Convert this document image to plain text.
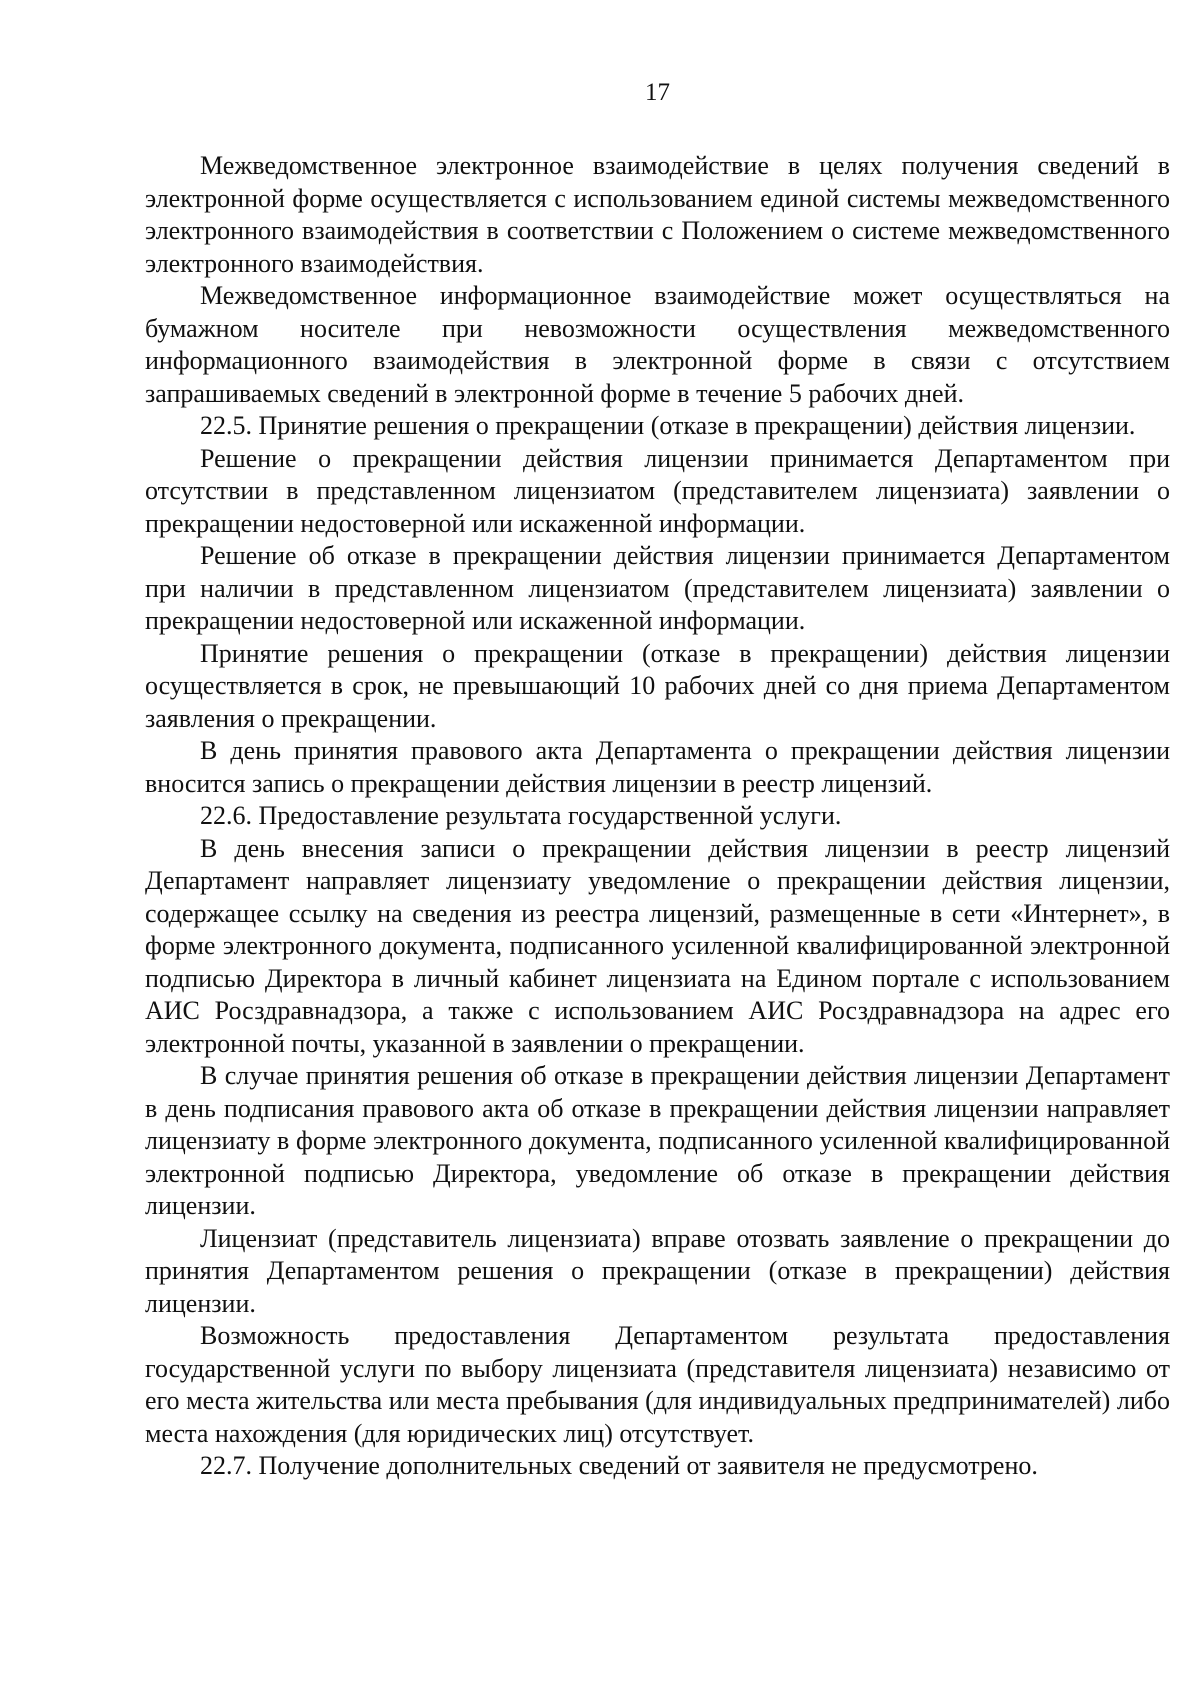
17

Межведомственное электронное взаимодействие в целях получения сведений в электронной форме осуществляется с использованием единой системы межведомственного электронного взаимодействия в соответствии с Положением о системе межведомственного электронного взаимодействия.

Межведомственное информационное взаимодействие может осуществляться на бумажном носителе при невозможности осуществления межведомственного информационного взаимодействия в электронной форме в связи с отсутствием запрашиваемых сведений в электронной форме в течение 5 рабочих дней.

22.5. Принятие решения о прекращении (отказе в прекращении) действия лицензии.

Решение о прекращении действия лицензии принимается Департаментом при отсутствии в представленном лицензиатом (представителем лицензиата) заявлении о прекращении недостоверной или искаженной информации.

Решение об отказе в прекращении действия лицензии принимается Департаментом при наличии в представленном лицензиатом (представителем лицензиата) заявлении о прекращении недостоверной или искаженной информации.

Принятие решения о прекращении (отказе в прекращении) действия лицензии осуществляется в срок, не превышающий 10 рабочих дней со дня приема Департаментом заявления о прекращении.

В день принятия правового акта Департамента о прекращении действия лицензии вносится запись о прекращении действия лицензии в реестр лицензий.

22.6. Предоставление результата государственной услуги.

В день внесения записи о прекращении действия лицензии в реестр лицензий Департамент направляет лицензиату уведомление о прекращении действия лицензии, содержащее ссылку на сведения из реестра лицензий, размещенные в сети «Интернет», в форме электронного документа, подписанного усиленной квалифицированной электронной подписью Директора в личный кабинет лицензиата на Едином портале с использованием АИС Росздравнадзора, а также с использованием АИС Росздравнадзора на адрес его электронной почты, указанной в заявлении о прекращении.

В случае принятия решения об отказе в прекращении действия лицензии Департамент в день подписания правового акта об отказе в прекращении действия лицензии направляет лицензиату в форме электронного документа, подписанного усиленной квалифицированной электронной подписью Директора, уведомление об отказе в прекращении действия лицензии.

Лицензиат (представитель лицензиата) вправе отозвать заявление о прекращении до принятия Департаментом решения о прекращении (отказе в прекращении) действия лицензии.

Возможность предоставления Департаментом результата предоставления государственной услуги по выбору лицензиата (представителя лицензиата) независимо от его места жительства или места пребывания (для индивидуальных предпринимателей) либо места нахождения (для юридических лиц) отсутствует.

22.7. Получение дополнительных сведений от заявителя не предусмотрено.
